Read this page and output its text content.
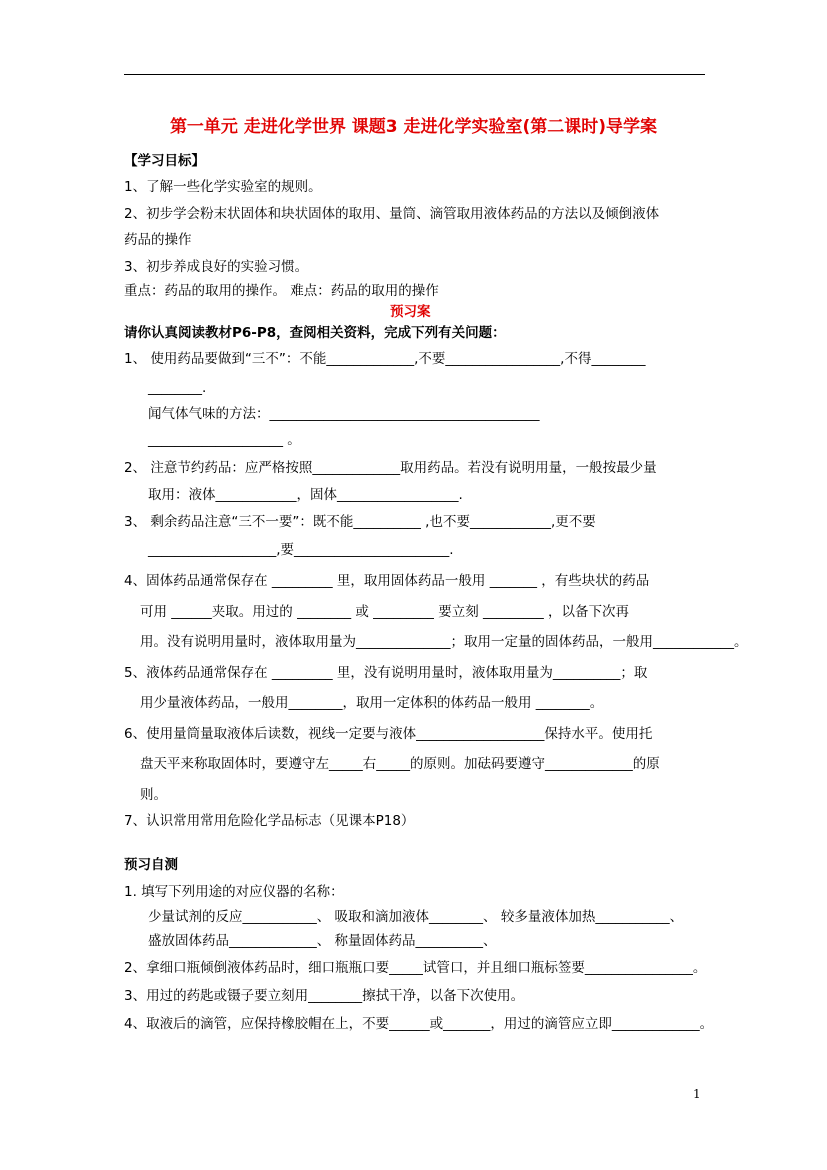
第一单元 走进化学世界 课题3 走进化学实验室(第二课时)导学案
【学习目标】
1、了解一些化学实验室的规则。
2、初步学会粉末状固体和块状固体的取用、量筒、滴管取用液体药品的方法以及倾倒液体
药品的操作
3、初步养成良好的实验习惯。
重点：药品的取用的操作。 难点：药品的取用的操作
预习案
请你认真阅读教材P6-P8，查阅相关资料，完成下列有关问题：
1、 使用药品要做到“三不”：不能_____________,不要_________________,不得________
________.
闻气体气味的方法：________________________________________
____________________ 。
2、 注意节约药品：应严格按照_____________取用药品。若没有说明用量，一般按最少量
取用：液体____________，固体__________________.
3、 剩余药品注意“三不一要”：既不能__________ ,也不要____________,更不要
___________________,要_______________________.
4、固体药品通常保存在 _________ 里，取用固体药品一般用 _______ ，有些块状的药品
可用 ______夹取。用过的 ________ 或 _________ 要立刻 _________ ，以备下次再
用。没有说明用量时，液体取用量为______________；取用一定量的固体药品，一般用____________。
5、液体药品通常保存在 _________ 里，没有说明用量时，液体取用量为__________；取
用少量液体药品，一般用________，取用一定体积的体药品一般用 ________。
6、使用量筒量取液体后读数，视线一定要与液体___________________保持水平。使用托
盘天平来称取固体时，要遵守左_____右_____的原则。加砝码要遵守_____________的原
则。
7、认识常用常用危险化学品标志（见课本P18）
预习自测
1. 填写下列用途的对应仪器的名称：
少量试剂的反应___________、 吸取和滴加液体________、 较多量液体加热___________、
盛放固体药品_____________、 称量固体药品__________、
2、拿细口瓶倾倒液体药品时，细口瓶瓶口要_____试管口，并且细口瓶标签要________________。
3、用过的药匙或镊子要立刻用________擦拭干净，以备下次使用。
4、取液后的滴管，应保持橡胶帽在上，不要______或_______，用过的滴管应立即_____________。
1
